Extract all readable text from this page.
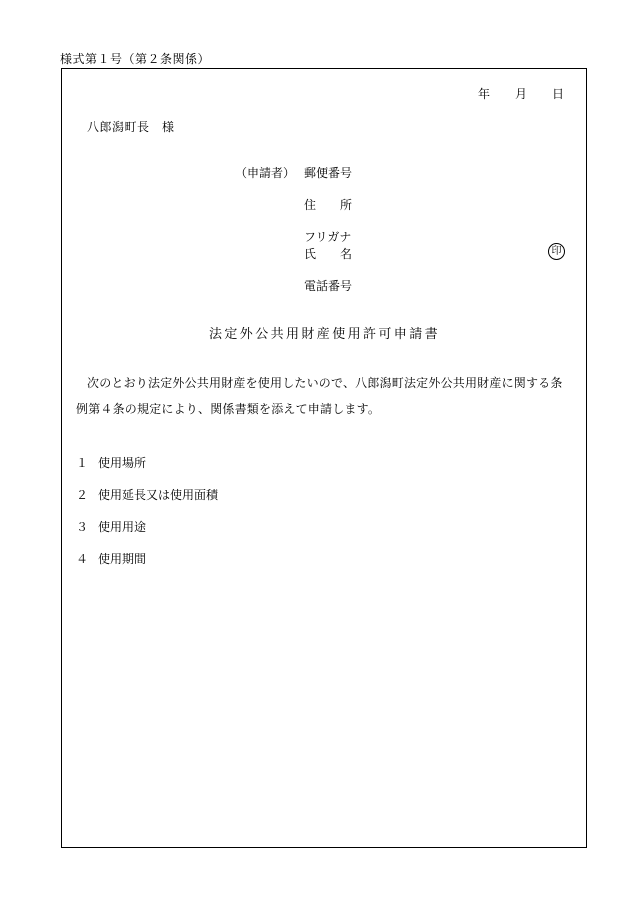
様式第１号（第２条関係）
年 月 日
八郎潟町長　様
（申請者） 郵便番号
住　　所
フリガナ
氏　　名	印
電話番号
法定外公共用財産使用許可申請書
次のとおり法定外公共用財産を使用したいので、八郎潟町法定外公共用財産に関する条
例第４条の規定により、関係書類を添えて申請します。
１ 使用場所
２ 使用延長又は使用面積
３ 使用用途
４ 使用期間
